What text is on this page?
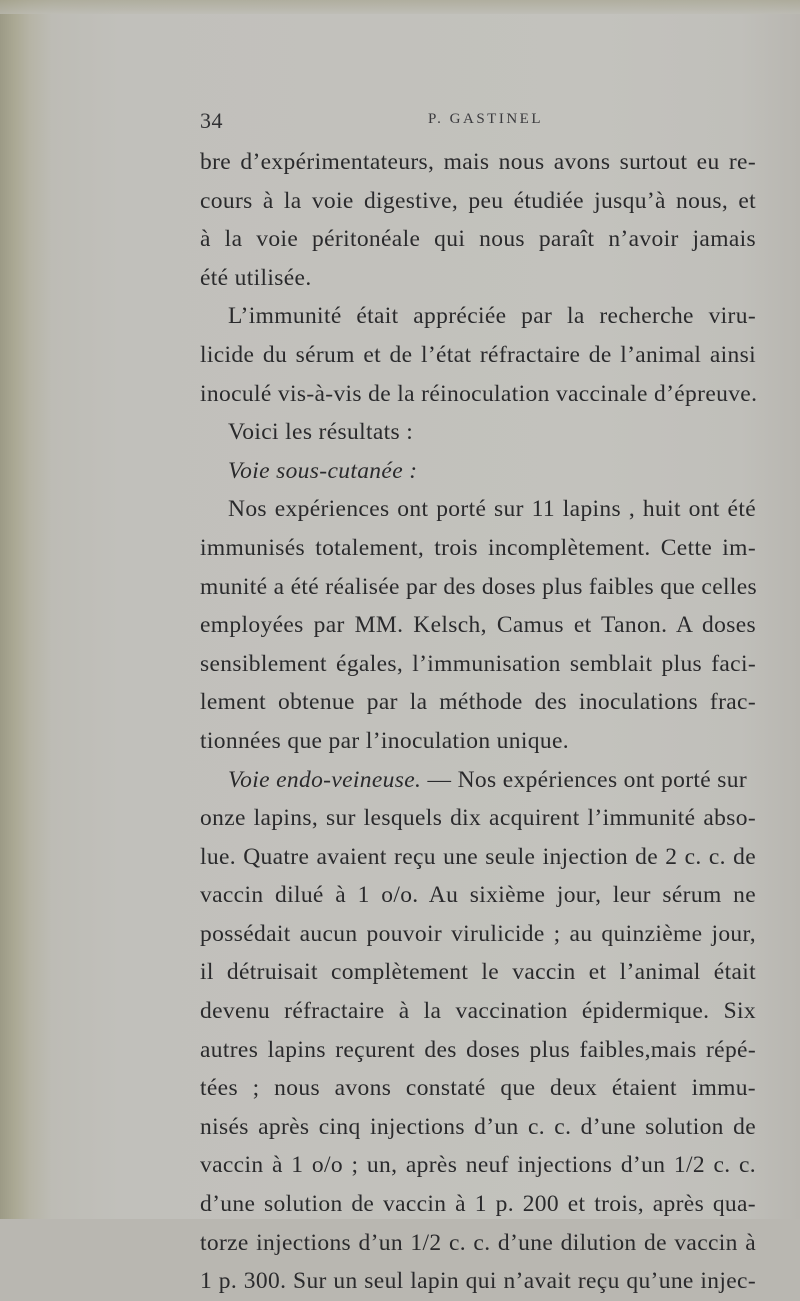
34	P. GASTINEL
bre d’expérimentateurs, mais nous avons surtout eu re-
cours à la voie digestive, peu étudiée jusqu’à nous, et
à la voie péritonéale qui nous paraît n’avoir jamais
été utilisée.
L’immunité était appréciée par la recherche viru-
licide du sérum et de l’état réfractaire de l’animal ainsi
inoculé vis-à-vis de la réinoculation vaccinale d’épreuve.
Voici les résultats :
Voie sous-cutanée :
Nos expériences ont porté sur 11 lapins , huit ont été
immunisés totalement, trois incomplètement. Cette im-
munité a été réalisée par des doses plus faibles que celles
employées par MM. Kelsch, Camus et Tanon. A doses
sensiblement égales, l’immunisation semblait plus faci-
lement obtenue par la méthode des inoculations frac-
tionnées que par l’inoculation unique.
Voie endo-veineuse. — Nos expériences ont porté sur
onze lapins, sur lesquels dix acquirent l’immunité abso-
lue. Quatre avaient reçu une seule injection de 2 c. c. de
vaccin dilué à 1 o/o. Au sixième jour, leur sérum ne
possédait aucun pouvoir virulicide ; au quinzième jour,
il détruisait complètement le vaccin et l’animal était
devenu réfractaire à la vaccination épidermique. Six
autres lapins reçurent des doses plus faibles,mais répé-
tées ; nous avons constaté que deux étaient immu-
nisés après cinq injections d’un c. c. d’une solution de
vaccin à 1 o/o ; un, après neuf injections d’un 1/2 c. c.
d’une solution de vaccin à 1 p. 200 et trois, après qua-
torze injections d’un 1/2 c. c. d’une dilution de vaccin à
1 p. 300. Sur un seul lapin qui n’avait reçu qu’une injec-
